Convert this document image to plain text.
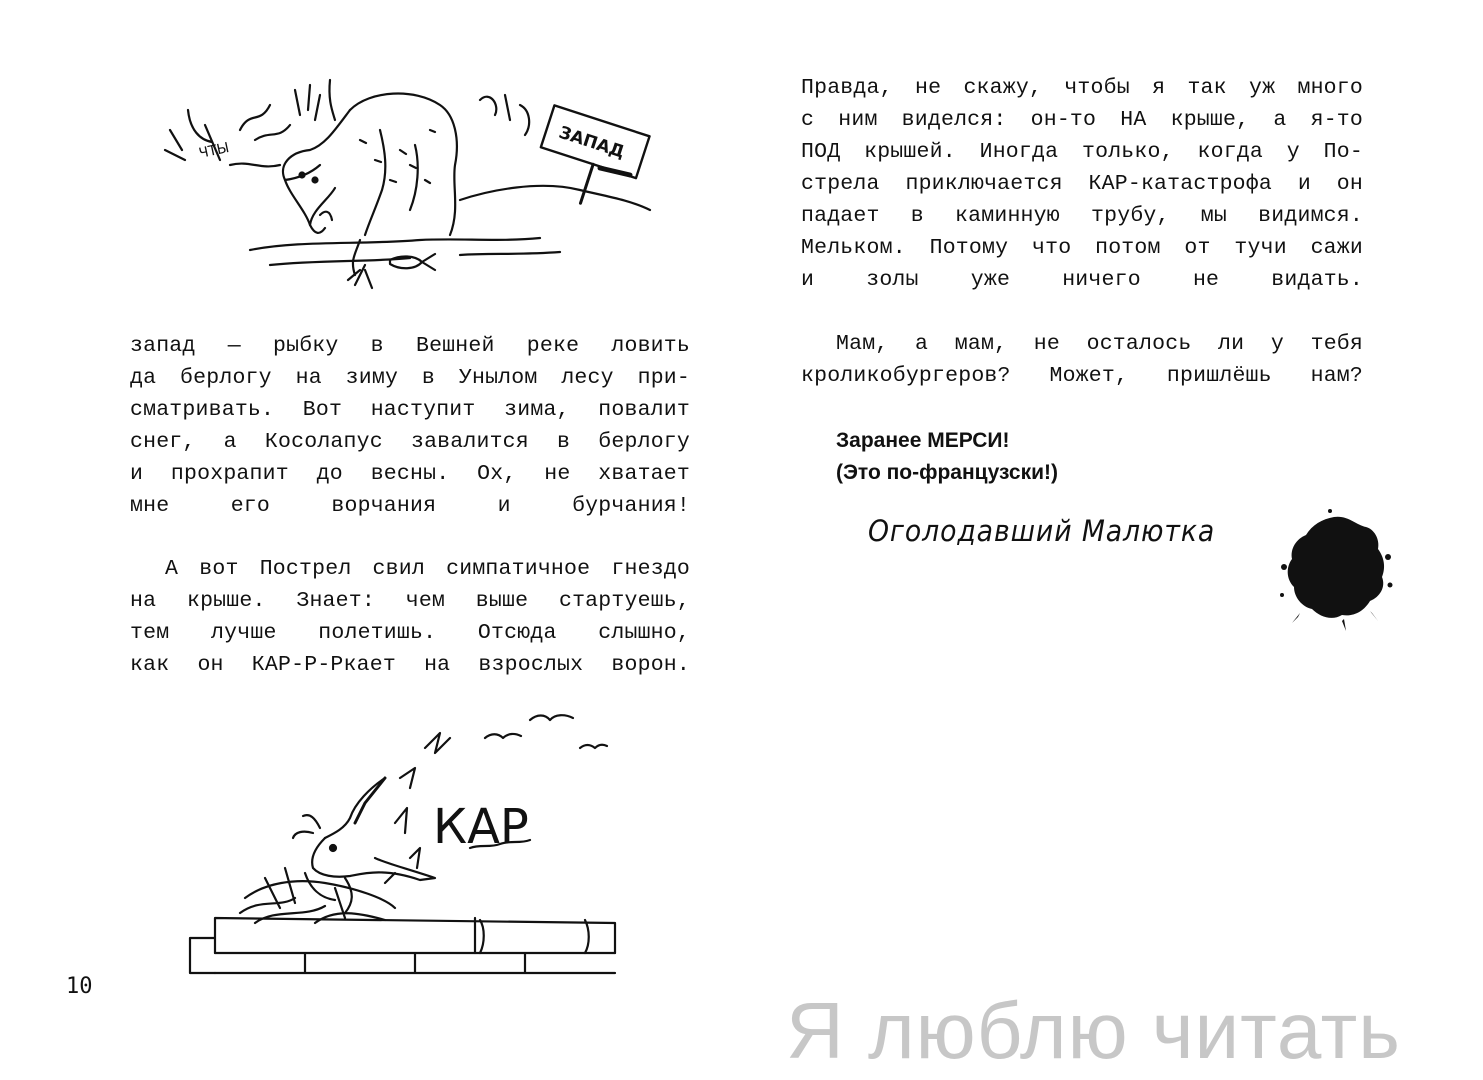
ЧТЫ	ЗАПАД
запад — рыбку в Вешней реке ловить
да берлогу на зиму в Унылом лесу при-
сматривать. Вот наступит зима, повалит
снег, а Косолапус завалится в берлогу
и прохрапит до весны. Ох, не хватает
мне его ворчания и бурчания!
А вот Пострел свил симпатичное гнездо
на крыше. Знает: чем выше стартуешь,
тем лучше полетишь. Отсюда слышно,
как он КАР-Р-Ркает на взрослых ворон.
КАР
10
Правда, не скажу, чтобы я так уж много
с ним виделся: он-то НА крыше, а я-то
ПОД крышей. Иногда только, когда у По-
стрела приключается КАР-катастрофа и он
падает в каминную трубу, мы видимся.
Мельком. Потому что потом от тучи сажи
и золы уже ничего не видать.
Мам, а мам, не осталось ли у тебя
кроликобургеров? Может, пришлёшь нам?
Заранее МЕРСИ!
(Это по-французски!)
Оголодавший Малютка
Я люблю читать
